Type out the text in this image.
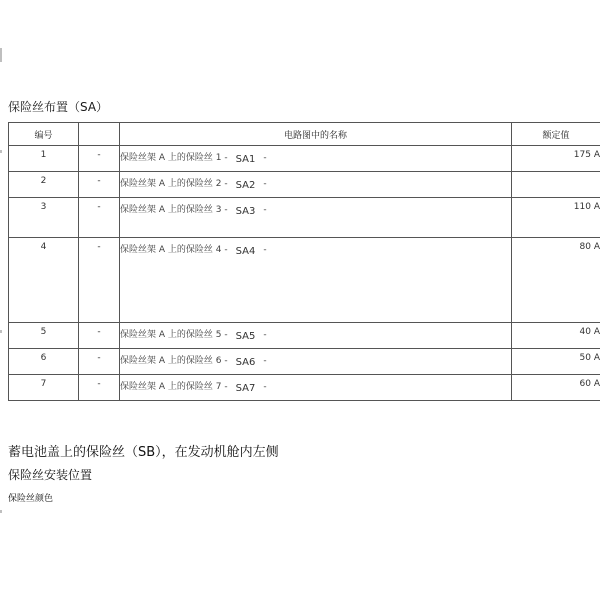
保险丝布置（SA）
编号		电路图中的名称	额定值
1	-	保险丝架 A 上的保险丝 1 - SA1 -	175 A
2	-	保险丝架 A 上的保险丝 2 - SA2 -	
3	-	保险丝架 A 上的保险丝 3 - SA3 -	110 A
4	-	保险丝架 A 上的保险丝 4 - SA4 -	80 A
5	-	保险丝架 A 上的保险丝 5 - SA5 -	40 A
6	-	保险丝架 A 上的保险丝 6 - SA6 -	50 A
7	-	保险丝架 A 上的保险丝 7 - SA7 -	60 A
蓄电池盖上的保险丝（SB），在发动机舱内左侧
保险丝安装位置
保险丝颜色
